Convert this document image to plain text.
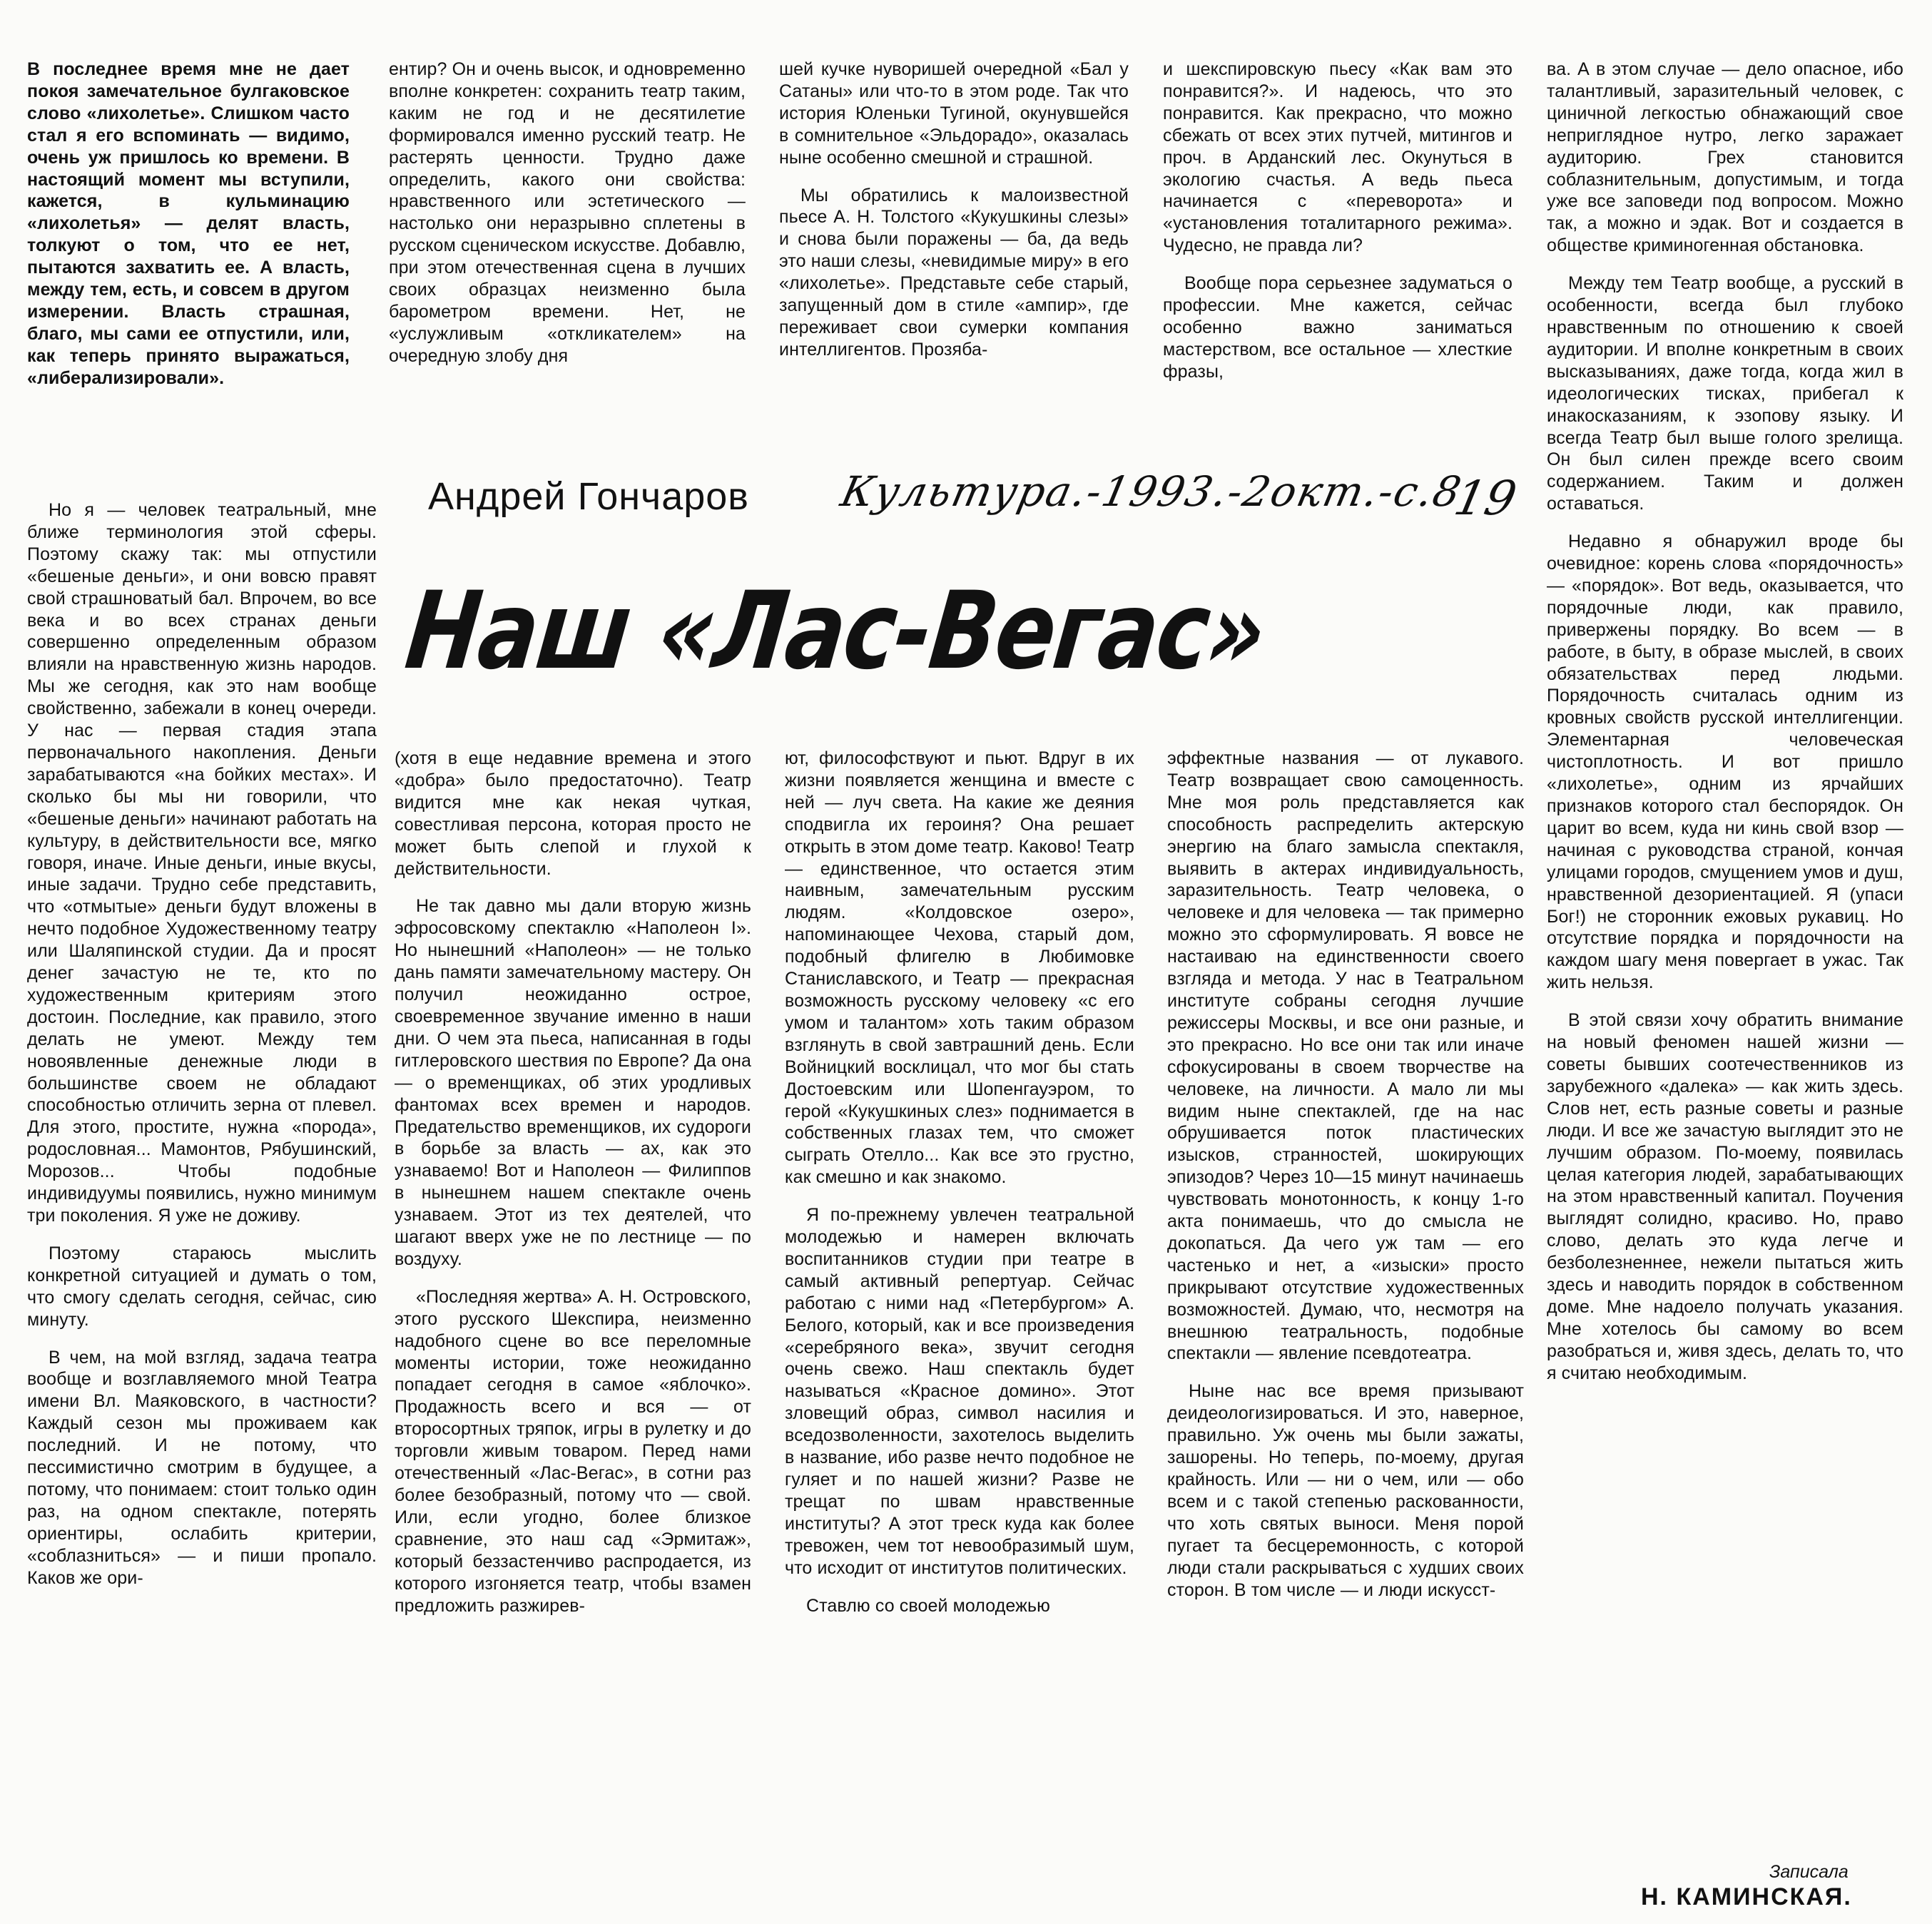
В последнее время мне не дает покоя замечательное булгаковское слово «лихолетье». Слишком часто стал я его вспоминать — видимо, очень уж пришлось ко времени. В настоящий момент мы вступили, кажется, в кульминацию «лихолетья» — делят власть, толкуют о том, что ее нет, пытаются захватить ее. А власть, между тем, есть, и совсем в другом измерении. Власть страшная, благо, мы сами ее отпустили, или, как теперь принято выражаться, «либерализировали».

ентир? Он и очень высок, и одновременно вполне конкретен: сохранить театр таким, каким не год и не десятилетие формировался именно русский театр. Не растерять ценности. Трудно даже определить, какого они свойства: нравственного или эстетического — настолько они неразрывно сплетены в русском сценическом искусстве. Добавлю, при этом отечественная сцена в лучших своих образцах неизменно была барометром времени. Нет, не «услужливым «откликателем» на очередную злобу дня

шей кучке нуворишей очередной «Бал у Сатаны» или что-то в этом роде. Так что история Юленьки Тугиной, окунувшейся в сомнительное «Эльдорадо», оказалась ныне особенно смешной и страшной.

Мы обратились к малоизвестной пьесе А. Н. Толстого «Кукушкины слезы» и снова были поражены — ба, да ведь это наши слезы, «невидимые миру» в его «лихолетье». Представьте себе старый, запущенный дом в стиле «ампир», где переживает свои сумерки компания интеллигентов. Прозяба-

и шекспировскую пьесу «Как вам это понравится?». И надеюсь, что это понравится. Как прекрасно, что можно сбежать от всех этих путчей, митингов и проч. в Арданский лес. Окунуться в экологию счастья. А ведь пьеса начинается с «переворота» и «установления тоталитарного режима». Чудесно, не правда ли?

Вообще пора серьезнее задуматься о профессии. Мне кажется, сейчас особенно важно заниматься мастерством, все остальное — хлесткие фразы,

Андрей Гончаров Культура.-1993.-2окт.-с.8
19
Наш «Лас-Вегас»

Но я — человек театральный, мне ближе терминология этой сферы. Поэтому скажу так: мы отпустили «бешеные деньги», и они вовсю правят свой страшноватый бал. Впрочем, во все века и во всех странах деньги совершенно определенным образом влияли на нравственную жизнь народов. Мы же сегодня, как это нам вообще свойственно, забежали в конец очереди. У нас — первая стадия этапа первоначального накопления. Деньги зарабатываются «на бойких местах». И сколько бы мы ни говорили, что «бешеные деньги» начинают работать на культуру, в действительности все, мягко говоря, иначе. Иные деньги, иные вкусы, иные задачи. Трудно себе представить, что «отмытые» деньги будут вложены в нечто подобное Художественному театру или Шаляпинской студии. Да и просят денег зачастую не те, кто по художественным критериям этого достоин. Последние, как правило, этого делать не умеют. Между тем новоявленные денежные люди в большинстве своем не обладают способностью отличить зерна от плевел. Для этого, простите, нужна «порода», родословная... Мамонтов, Рябушинский, Морозов... Чтобы подобные индивидуумы появились, нужно минимум три поколения. Я уже не доживу.

Поэтому стараюсь мыслить конкретной ситуацией и думать о том, что смогу сделать сегодня, сейчас, сию минуту.

В чем, на мой взгляд, задача театра вообще и возглавляемого мной Театра имени Вл. Маяковского, в частности? Каждый сезон мы проживаем как последний. И не потому, что пессимистично смотрим в будущее, а потому, что понимаем: стоит только один раз, на одном спектакле, потерять ориентиры, ослабить критерии, «соблазниться» — и пиши пропало. Каков же ори-

(хотя в еще недавние времена и этого «добра» было предостаточно). Театр видится мне как некая чуткая, совестливая персона, которая просто не может быть слепой и глухой к действительности.

Не так давно мы дали вторую жизнь эфросовскому спектаклю «Наполеон I». Но нынешний «Наполеон» — не только дань памяти замечательному мастеру. Он получил неожиданно острое, своевременное звучание именно в наши дни. О чем эта пьеса, написанная в годы гитлеровского шествия по Европе? Да она — о временщиках, об этих уродливых фантомах всех времен и народов. Предательство временщиков, их судороги в борьбе за власть — ах, как это узнаваемо! Вот и Наполеон — Филиппов в нынешнем нашем спектакле очень узнаваем. Этот из тех деятелей, что шагают вверх уже не по лестнице — по воздуху.

«Последняя жертва» А. Н. Островского, этого русского Шекспира, неизменно надобного сцене во все переломные моменты истории, тоже неожиданно попадает сегодня в самое «яблочко». Продажность всего и вся — от второсортных тряпок, игры в рулетку и до торговли живым товаром. Перед нами отечественный «Лас-Вегас», в сотни раз более безобразный, потому что — свой. Или, если угодно, более близкое сравнение, это наш сад «Эрмитаж», который беззастенчиво распродается, из которого изгоняется театр, чтобы взамен предложить разжирев-

ют, философствуют и пьют. Вдруг в их жизни появляется женщина и вместе с ней — луч света. На какие же деяния сподвигла их героиня? Она решает открыть в этом доме театр. Каково! Театр — единственное, что остается этим наивным, замечательным русским людям. «Колдовское озеро», напоминающее Чехова, старый дом, подобный флигелю в Любимовке Станиславского, и Театр — прекрасная возможность русскому человеку «с его умом и талантом» хоть таким образом взглянуть в свой завтрашний день. Если Войницкий восклицал, что мог бы стать Достоевским или Шопенгауэром, то герой «Кукушкиных слез» поднимается в собственных глазах тем, что сможет сыграть Отелло... Как все это грустно, как смешно и как знакомо.

Я по-прежнему увлечен театральной молодежью и намерен включать воспитанников студии при театре в самый активный репертуар. Сейчас работаю с ними над «Петербургом» А. Белого, который, как и все произведения «серебряного века», звучит сегодня очень свежо. Наш спектакль будет называться «Красное домино». Этот зловещий образ, символ насилия и вседозволенности, захотелось выделить в название, ибо разве нечто подобное не гуляет и по нашей жизни? Разве не трещат по швам нравственные институты? А этот треск куда как более тревожен, чем тот невообразимый шум, что исходит от институтов политических.

Ставлю со своей молодежью

эффектные названия — от лукавого. Театр возвращает свою самоценность. Мне моя роль представляется как способность распределить актерскую энергию на благо замысла спектакля, выявить в актерах индивидуальность, заразительность. Театр человека, о человеке и для человека — так примерно можно это сформулировать. Я вовсе не настаиваю на единственности своего взгляда и метода. У нас в Театральном институте собраны сегодня лучшие режиссеры Москвы, и все они разные, и это прекрасно. Но все они так или иначе сфокусированы в своем творчестве на человеке, на личности. А мало ли мы видим ныне спектаклей, где на нас обрушивается поток пластических изысков, странностей, шокирующих эпизодов? Через 10—15 минут начинаешь чувствовать монотонность, к концу 1-го акта понимаешь, что до смысла не докопаться. Да чего уж там — его частенько и нет, а «изыски» просто прикрывают отсутствие художественных возможностей. Думаю, что, несмотря на внешнюю театральность, подобные спектакли — явление псевдотеатра.

Ныне нас все время призывают деидеологизироваться. И это, наверное, правильно. Уж очень мы были зажаты, зашорены. Но теперь, по-моему, другая крайность. Или — ни о чем, или — обо всем и с такой степенью раскованности, что хоть святых выноси. Меня порой пугает та бесцеремонность, с которой люди стали раскрываться с худших своих сторон. В том числе — и люди искусст-

ва. А в этом случае — дело опасное, ибо талантливый, заразительный человек, с циничной легкостью обнажающий свое неприглядное нутро, легко заражает аудиторию. Грех становится соблазнительным, допустимым, и тогда уже все заповеди под вопросом. Можно так, а можно и эдак. Вот и создается в обществе криминогенная обстановка.

Между тем Театр вообще, а русский в особенности, всегда был глубоко нравственным по отношению к своей аудитории. И вполне конкретным в своих высказываниях, даже тогда, когда жил в идеологических тисках, прибегал к инакосказаниям, к эзопову языку. И всегда Театр был выше голого зрелища. Он был силен прежде всего своим содержанием. Таким и должен оставаться.

Недавно я обнаружил вроде бы очевидное: корень слова «порядочность» — «порядок». Вот ведь, оказывается, что порядочные люди, как правило, привержены порядку. Во всем — в работе, в быту, в образе мыслей, в своих обязательствах перед людьми. Порядочность считалась одним из кровных свойств русской интеллигенции. Элементарная человеческая чистоплотность. И вот пришло «лихолетье», одним из ярчайших признаков которого стал беспорядок. Он царит во всем, куда ни кинь свой взор — начиная с руководства страной, кончая улицами городов, смущением умов и душ, нравственной дезориентацией. Я (упаси Бог!) не сторонник ежовых рукавиц. Но отсутствие порядка и порядочности на каждом шагу меня повергает в ужас. Так жить нельзя.

В этой связи хочу обратить внимание на новый феномен нашей жизни — советы бывших соотечественников из зарубежного «далека» — как жить здесь. Слов нет, есть разные советы и разные люди. И все же зачастую выглядит это не лучшим образом. По-моему, появилась целая категория людей, зарабатывающих на этом нравственный капитал. Поучения выглядят солидно, красиво. Но, право слово, делать это куда легче и безболезненнее, нежели пытаться жить здесь и наводить порядок в собственном доме. Мне надоело получать указания. Мне хотелось бы самому во всем разобраться и, живя здесь, делать то, что я считаю необходимым.

Записала
Н. КАМИНСКАЯ.
